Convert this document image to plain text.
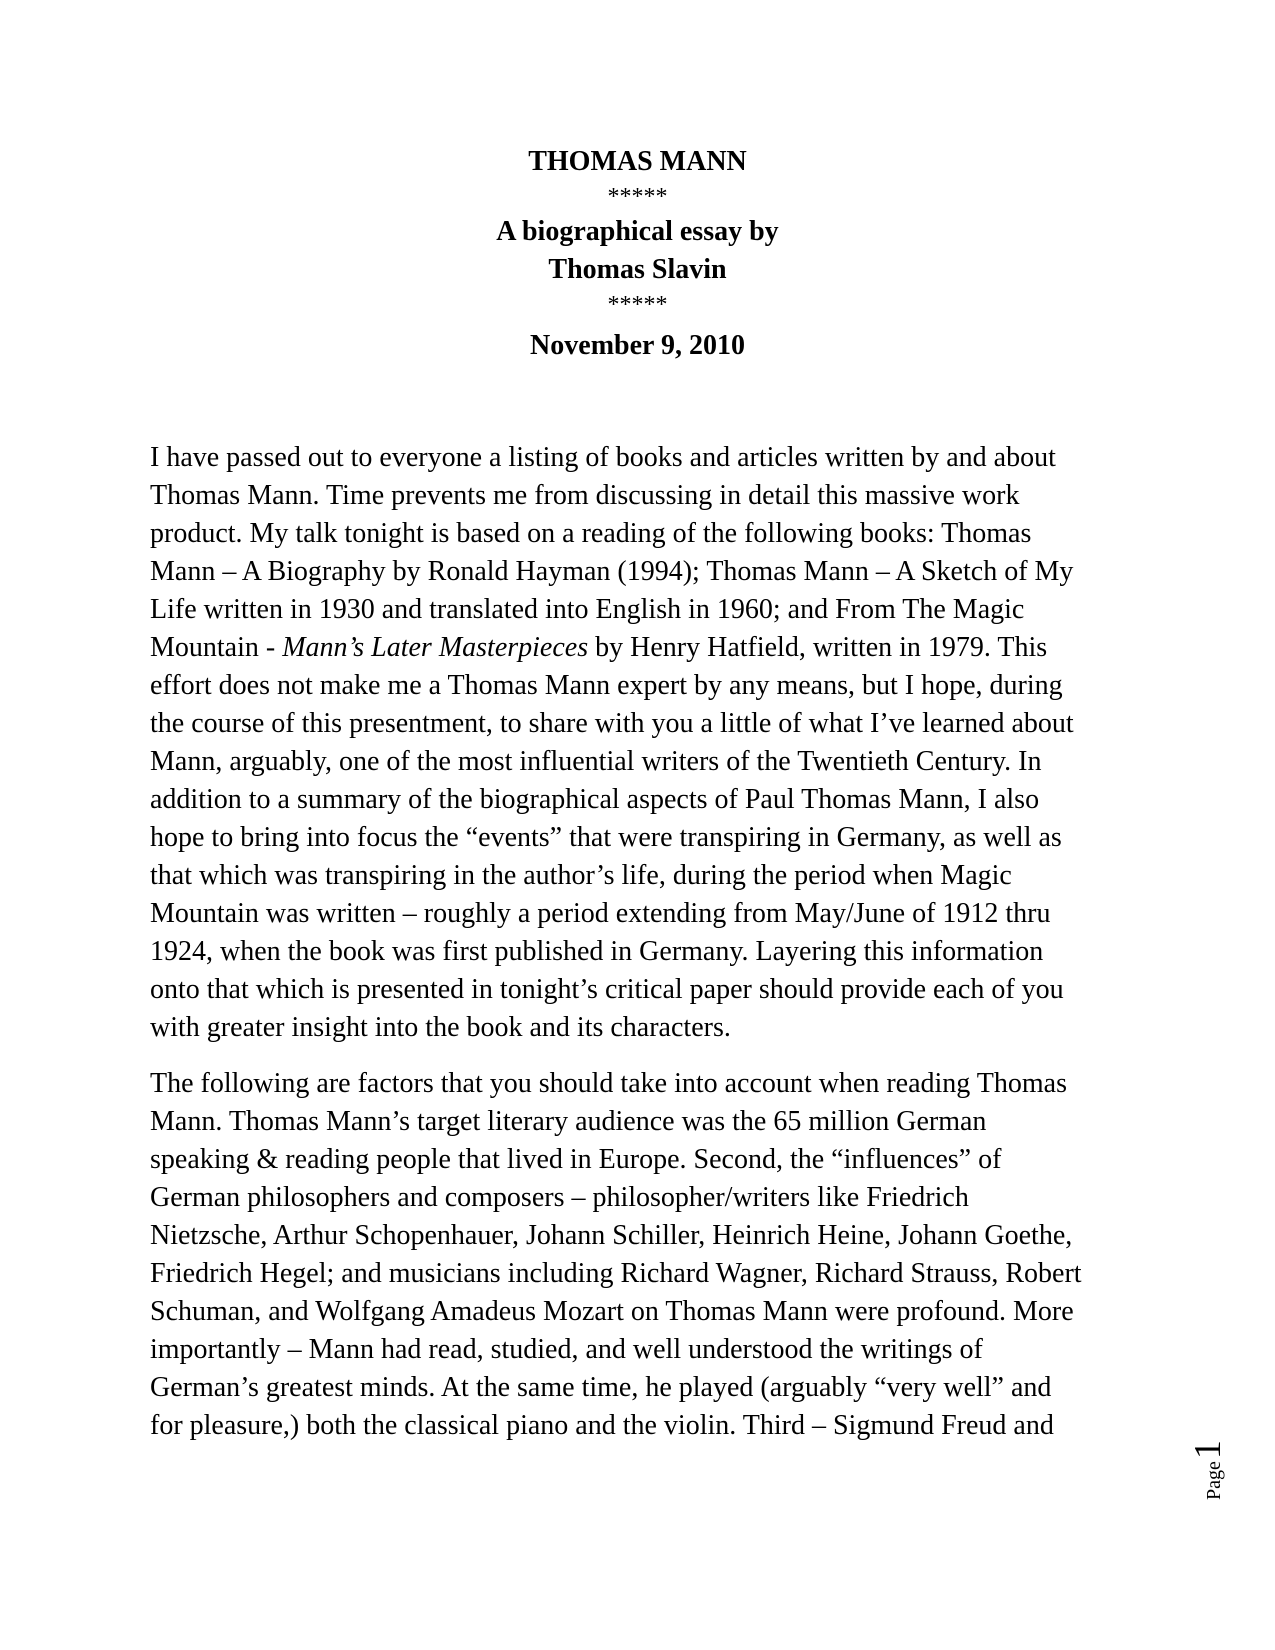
THOMAS MANN
*****
A biographical essay by
Thomas Slavin
*****
November 9, 2010

I have passed out to everyone a listing of books and articles written by and about
Thomas Mann. Time prevents me from discussing in detail this massive work
product. My talk tonight is based on a reading of the following books: Thomas
Mann – A Biography by Ronald Hayman (1994); Thomas Mann – A Sketch of My
Life written in 1930 and translated into English in 1960; and From The Magic
Mountain - Mann’s Later Masterpieces by Henry Hatfield, written in 1979. This
effort does not make me a Thomas Mann expert by any means, but I hope, during
the course of this presentment, to share with you a little of what I’ve learned about
Mann, arguably, one of the most influential writers of the Twentieth Century. In
addition to a summary of the biographical aspects of Paul Thomas Mann, I also
hope to bring into focus the “events” that were transpiring in Germany, as well as
that which was transpiring in the author’s life, during the period when Magic
Mountain was written – roughly a period extending from May/June of 1912 thru
1924, when the book was first published in Germany. Layering this information
onto that which is presented in tonight’s critical paper should provide each of you
with greater insight into the book and its characters.

The following are factors that you should take into account when reading Thomas
Mann. Thomas Mann’s target literary audience was the 65 million German
speaking & reading people that lived in Europe. Second, the “influences” of
German philosophers and composers – philosopher/writers like Friedrich
Nietzsche, Arthur Schopenhauer, Johann Schiller, Heinrich Heine, Johann Goethe,
Friedrich Hegel; and musicians including Richard Wagner, Richard Strauss, Robert
Schuman, and Wolfgang Amadeus Mozart on Thomas Mann were profound. More
importantly – Mann had read, studied, and well understood the writings of
German’s greatest minds. At the same time, he played (arguably “very well” and
for pleasure,) both the classical piano and the violin. Third – Sigmund Freud and

Page1
